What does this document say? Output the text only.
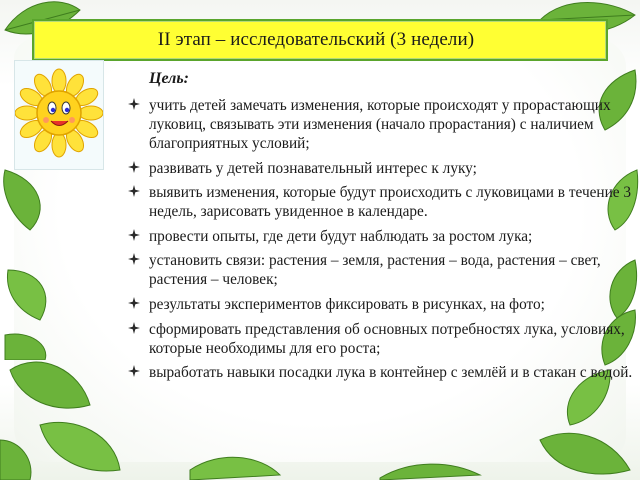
II этап – исследовательский (3 недели)
Цель:
учить детей замечать изменения, которые происходят у прорастающих луковиц, связывать эти изменения (начало прорастания) с наличием благоприятных условий;
развивать у детей познавательный интерес к луку;
выявить изменения, которые будут происходить с луковицами в течение 3 недель, зарисовать увиденное в календаре.
провести опыты, где дети будут наблюдать за ростом лука;
установить связи: растения – земля, растения – вода, растения – свет, растения – человек;
результаты экспериментов фиксировать в рисунках, на фото;
сформировать представления об основных потребностях лука, условиях, которые необходимы для его роста;
выработать навыки посадки лука в контейнер с землёй и в стакан с водой.
